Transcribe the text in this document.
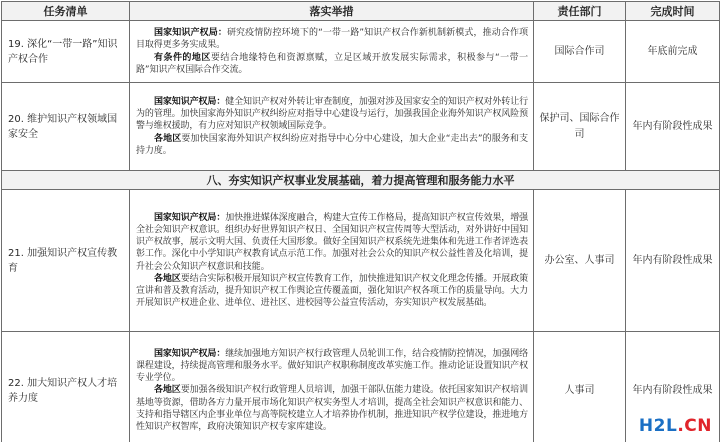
任务清单	落实举措	责任部门	完成时间
19. 深化“一带一路”知识产权合作	国家知识产权局：研究疫情防控环境下的“一带一路”知识产权合作新机制新模式，推动合作项目取得更多务实成果。

有条件的地区要结合地缘特色和资源禀赋，立足区域开放发展实际需求，积极参与“一带一路”知识产权国际合作交流。	国际合作司	年底前完成
20. 维护知识产权领域国家安全	国家知识产权局：健全知识产权对外转让审查制度，加强对涉及国家安全的知识产权对外转让行为的管理。加快国家海外知识产权纠纷应对指导中心建设与运行，加强我国企业海外知识产权风险预警与维权援助，有力应对知识产权领域国际竞争。

各地区要加快国家海外知识产权纠纷应对指导中心分中心建设，加大企业“走出去”的服务和支持力度。	保护司、国际合作司	年内有阶段性成果
八、夯实知识产权事业发展基础，着力提高管理和服务能力水平			
21. 加强知识产权宣传教育	国家知识产权局：加快推进媒体深度融合，构建大宣传工作格局，提高知识产权宣传效果，增强全社会知识产权意识。组织办好世界知识产权日、全国知识产权宣传周等大型活动，对外讲好中国知识产权故事，展示文明大国、负责任大国形象。做好全国知识产权系统先进集体和先进工作者评选表彰工作。深化中小学知识产权教育试点示范工作。加强对社会公众的知识产权公益性普及化培训，提升社会公众知识产权意识和技能。

各地区要结合实际积极开展知识产权宣传教育工作，加快推进知识产权文化理念传播。开展政策宣讲和普及教育活动，提升知识产权工作舆论宣传覆盖面，强化知识产权各项工作的质量导向。大力开展知识产权进企业、进单位、进社区、进校园等公益宣传活动，夯实知识产权发展基础。	办公室、人事司	年内有阶段性成果
22. 加大知识产权人才培养力度	国家知识产权局：继续加强地方知识产权行政管理人员轮训工作，结合疫情防控情况，加强网络课程建设，持续提高管理和服务水平。做好知识产权职称制度改革实施工作。推动论证设置知识产权专业学位。

各地区要加强各级知识产权行政管理人员培训，加强干部队伍能力建设。依托国家知识产权培训基地等资源，借助各方力量开展市场化知识产权实务型人才培训，提高全社会知识产权意识和能力、支持和指导辖区内企事业单位与高等院校建立人才培养协作机制，推进知识产权学位建设，推进地方性知识产权智库，政府决策知识产权专家库建设。	人事司	年内有阶段性成果
H2L.CN
